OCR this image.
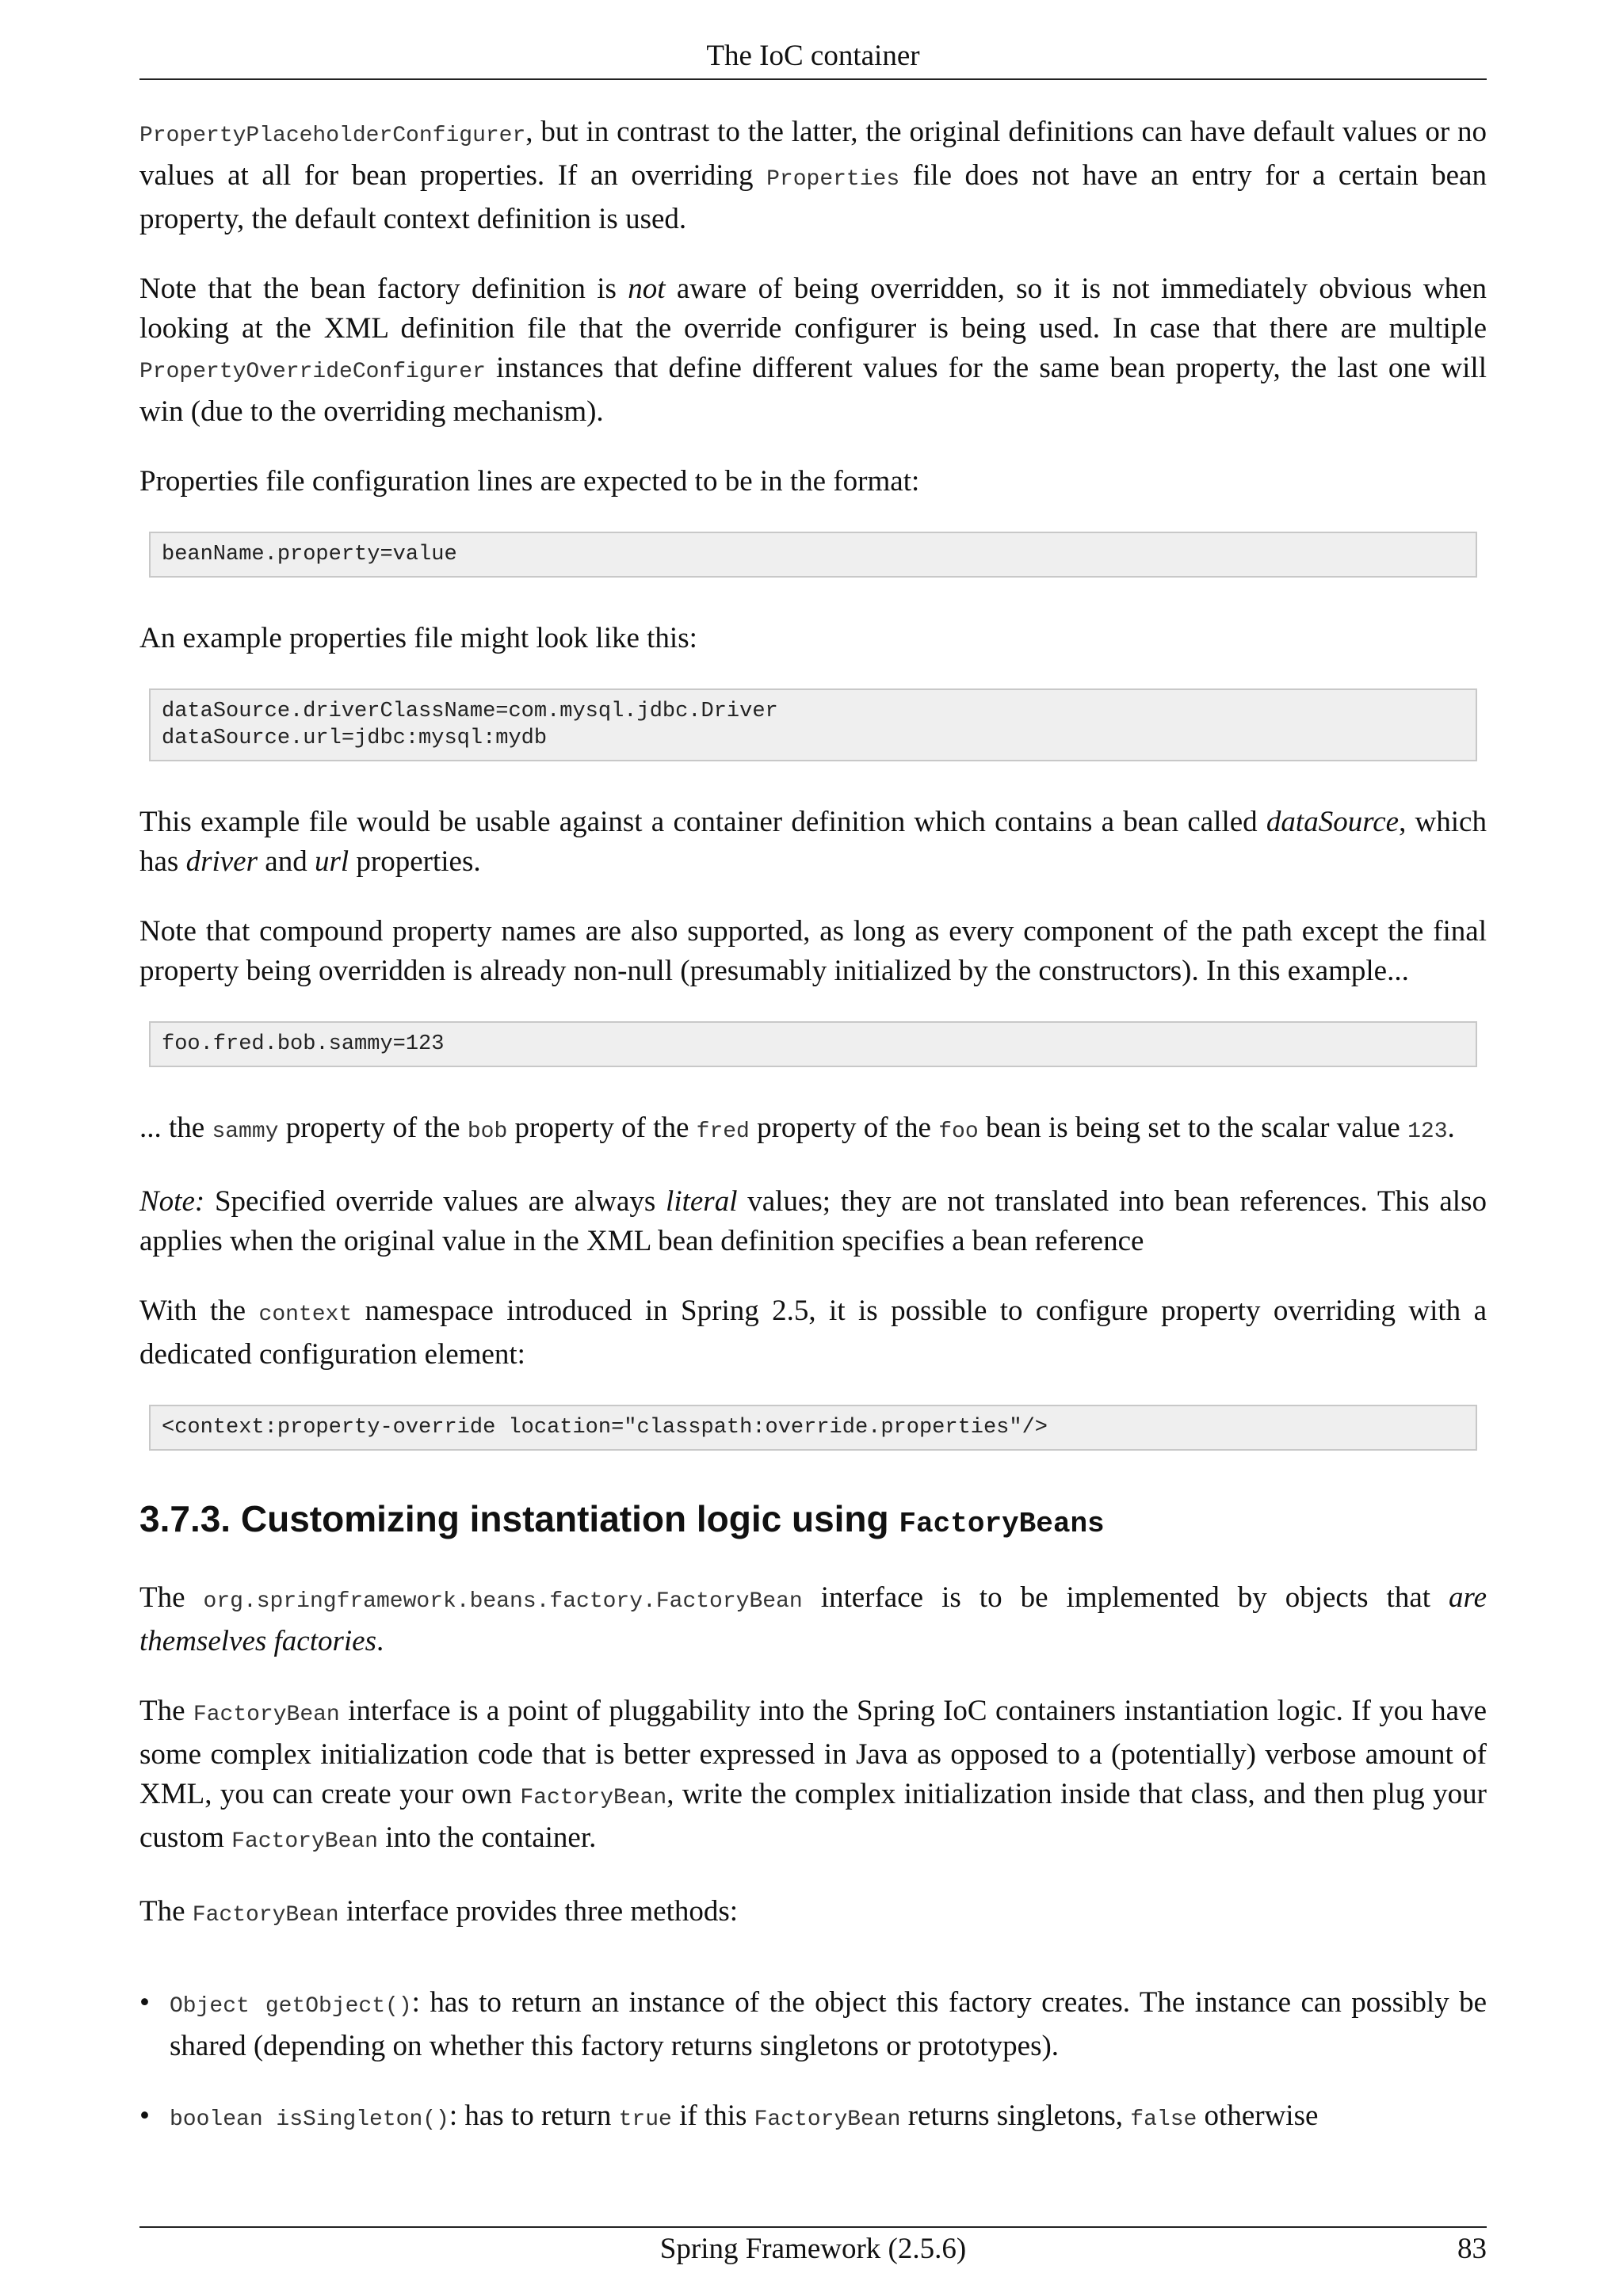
The IoC container

PropertyPlaceholderConfigurer, but in contrast to the latter, the original definitions can have default values or no values at all for bean properties. If an overriding Properties file does not have an entry for a certain bean property, the default context definition is used.

Note that the bean factory definition is not aware of being overridden, so it is not immediately obvious when looking at the XML definition file that the override configurer is being used. In case that there are multiple PropertyOverrideConfigurer instances that define different values for the same bean property, the last one will win (due to the overriding mechanism).

Properties file configuration lines are expected to be in the format:

beanName.property=value

An example properties file might look like this:

dataSource.driverClassName=com.mysql.jdbc.Driver
dataSource.url=jdbc:mysql:mydb

This example file would be usable against a container definition which contains a bean called dataSource, which has driver and url properties.

Note that compound property names are also supported, as long as every component of the path except the final property being overridden is already non-null (presumably initialized by the constructors). In this example...

foo.fred.bob.sammy=123

... the sammy property of the bob property of the fred property of the foo bean is being set to the scalar value 123.

Note: Specified override values are always literal values; they are not translated into bean references. This also applies when the original value in the XML bean definition specifies a bean reference

With the context namespace introduced in Spring 2.5, it is possible to configure property overriding with a dedicated configuration element:

<context:property-override location="classpath:override.properties"/>
3.7.3. Customizing instantiation logic using FactoryBeans

The org.springframework.beans.factory.FactoryBean interface is to be implemented by objects that are themselves factories.

The FactoryBean interface is a point of pluggability into the Spring IoC containers instantiation logic. If you have some complex initialization code that is better expressed in Java as opposed to a (potentially) verbose amount of XML, you can create your own FactoryBean, write the complex initialization inside that class, and then plug your custom FactoryBean into the container.

The FactoryBean interface provides three methods:

• Object getObject(): has to return an instance of the object this factory creates. The instance can possibly be shared (depending on whether this factory returns singletons or prototypes).
• boolean isSingleton(): has to return true if this FactoryBean returns singletons, false otherwise
Spring Framework (2.5.6)	83
